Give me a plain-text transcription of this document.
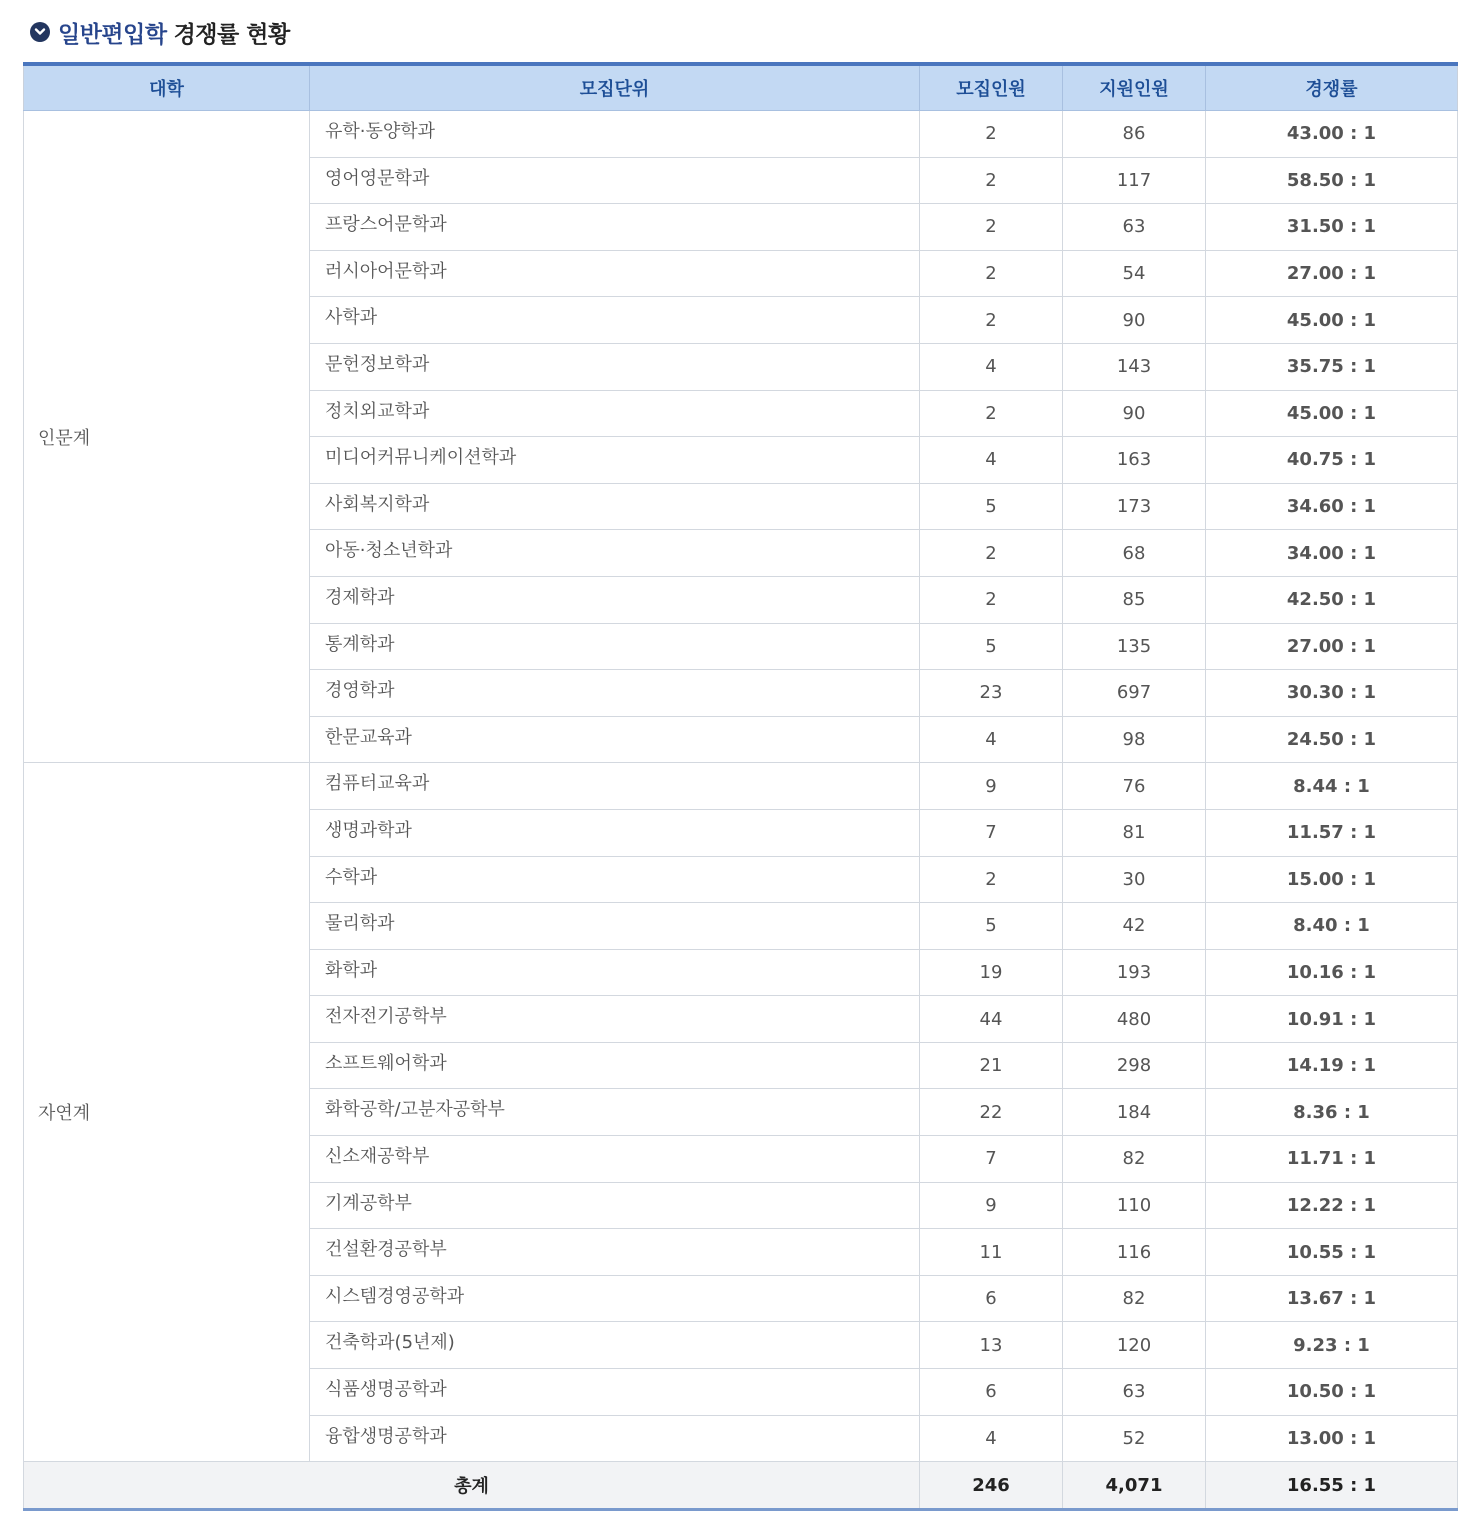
일반편입학 경쟁률 현황
대학	모집단위	모집인원	지원인원	경쟁률
인문계	유학·동양학과	2	86	43.00 : 1
	영어영문학과	2	117	58.50 : 1
	프랑스어문학과	2	63	31.50 : 1
	러시아어문학과	2	54	27.00 : 1
	사학과	2	90	45.00 : 1
	문헌정보학과	4	143	35.75 : 1
	정치외교학과	2	90	45.00 : 1
	미디어커뮤니케이션학과	4	163	40.75 : 1
	사회복지학과	5	173	34.60 : 1
	아동·청소년학과	2	68	34.00 : 1
	경제학과	2	85	42.50 : 1
	통계학과	5	135	27.00 : 1
	경영학과	23	697	30.30 : 1
	한문교육과	4	98	24.50 : 1
자연계	컴퓨터교육과	9	76	8.44 : 1
	생명과학과	7	81	11.57 : 1
	수학과	2	30	15.00 : 1
	물리학과	5	42	8.40 : 1
	화학과	19	193	10.16 : 1
	전자전기공학부	44	480	10.91 : 1
	소프트웨어학과	21	298	14.19 : 1
	화학공학/고분자공학부	22	184	8.36 : 1
	신소재공학부	7	82	11.71 : 1
	기계공학부	9	110	12.22 : 1
	건설환경공학부	11	116	10.55 : 1
	시스템경영공학과	6	82	13.67 : 1
	건축학과(5년제)	13	120	9.23 : 1
	식품생명공학과	6	63	10.50 : 1
	융합생명공학과	4	52	13.00 : 1
총계		246	4,071	16.55 : 1
